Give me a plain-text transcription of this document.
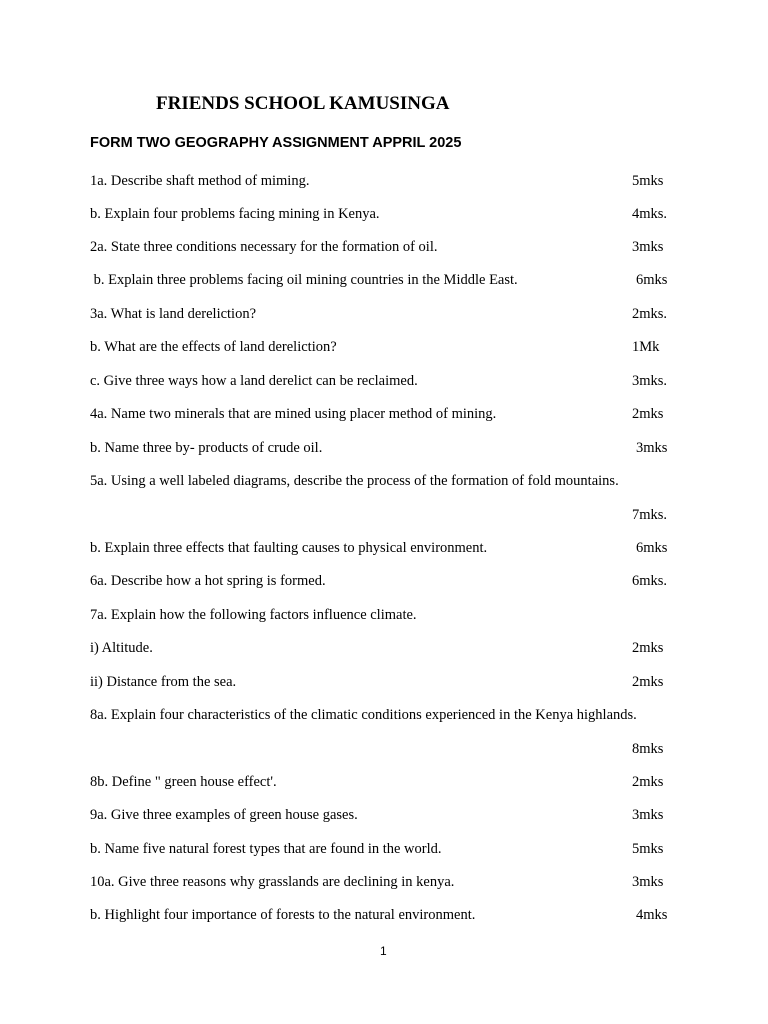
FRIENDS SCHOOL KAMUSINGA
FORM TWO GEOGRAPHY ASSIGNMENT APPRIL 2025
1a. Describe shaft method of miming.	5mks
b. Explain four problems facing mining in Kenya.	4mks.
2a. State three conditions necessary for the formation of oil.	3mks
b. Explain three problems facing oil mining countries in the Middle East.	6mks
3a. What is land dereliction?	2mks.
b. What are the effects of land dereliction?	1Mk
c. Give three ways how a land derelict can be reclaimed.	3mks.
4a. Name two minerals that are mined using placer method of mining.	2mks
b. Name three by- products of crude oil.	3mks
5a. Using a well labeled diagrams, describe the process of the formation of fold mountains.
7mks.
b. Explain three effects that faulting causes to physical environment.	6mks
6a. Describe how a hot spring is formed.	6mks.
7a. Explain how the following factors influence climate.
i) Altitude.	2mks
ii) Distance from the sea.	2mks
8a. Explain four characteristics of the climatic conditions experienced in the Kenya highlands.
8mks
8b. Define " green house effect'.	2mks
9a. Give three examples of green house gases.	3mks
b. Name five natural forest types that are found in the world.	5mks
10a. Give three reasons why grasslands are declining in kenya.	3mks
b. Highlight four importance of forests to the natural environment.	4mks
1
